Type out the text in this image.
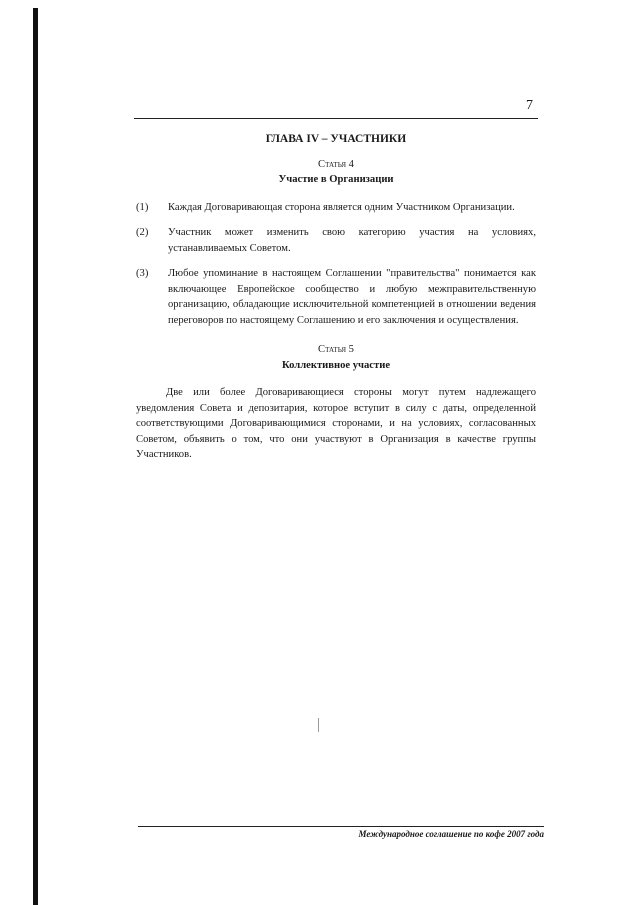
7
ГЛАВА IV – УЧАСТНИКИ
Статья 4
Участие в Организации
(1)	Каждая Договаривающая сторона является одним Участником Организации.
(2)	Участник может изменить свою категорию участия на условиях, устанавливаемых Советом.
(3)	Любое упоминание в настоящем Соглашении "правительства" понимается как включающее Европейское сообщество и любую межправительственную организацию, обладающие исключительной компетенцией в отношении ведения переговоров по настоящему Соглашению и его заключения и осуществления.
Статья 5
Коллективное участие

Две или более Договаривающиеся стороны могут путем надлежащего уведомления Совета и депозитария, которое вступит в силу с даты, определенной соответствующими Договаривающимися сторонами, и на условиях, согласованных Советом, объявить о том, что они участвуют в Организация в качестве группы Участников.

Международное соглашение по кофе 2007 года
